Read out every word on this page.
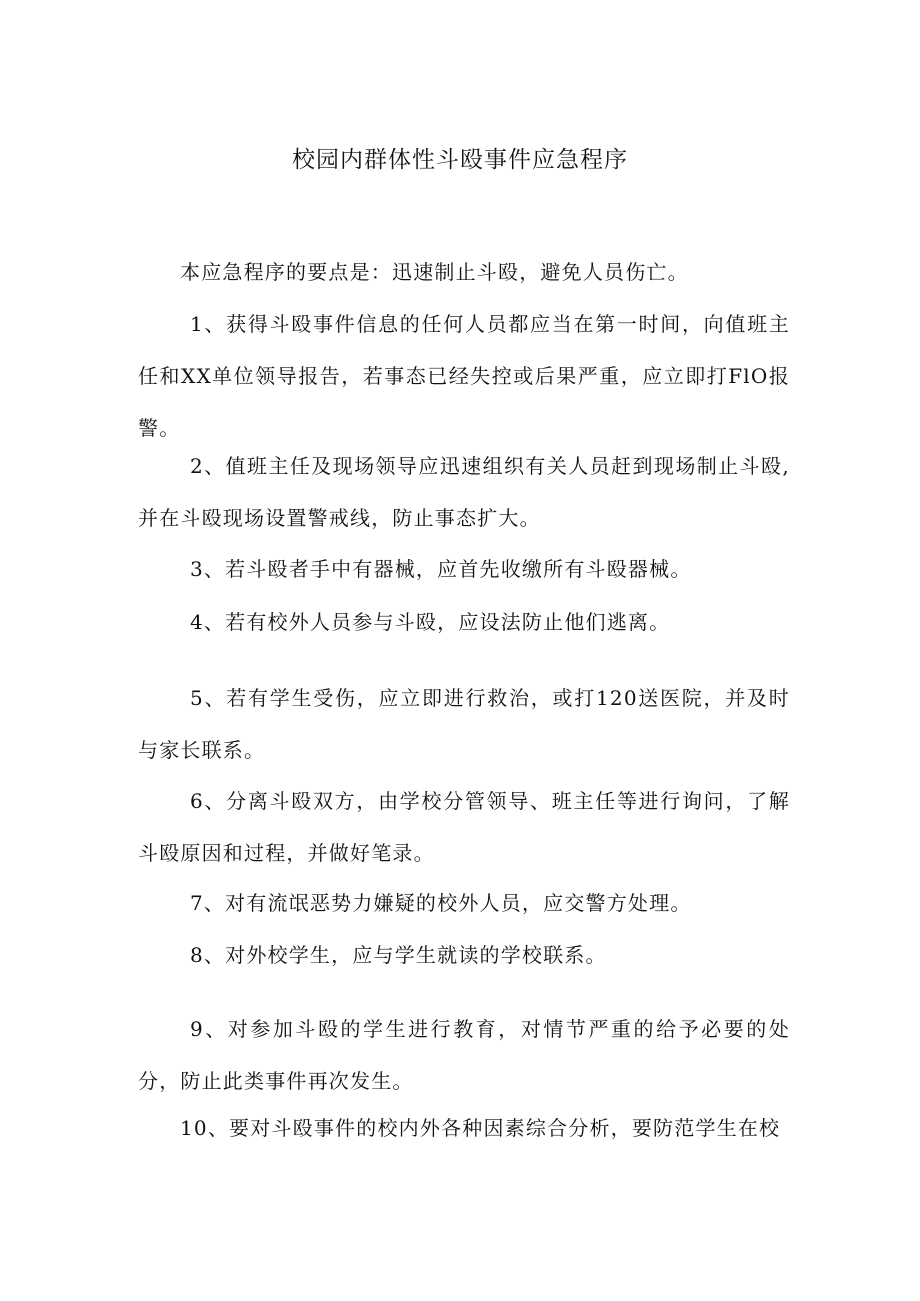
校园内群体性斗殴事件应急程序
本应急程序的要点是：迅速制止斗殴，避免人员伤亡。
1、获得斗殴事件信息的任何人员都应当在第一时间，向值班主任和XX单位领导报告，若事态已经失控或后果严重，应立即打FlO报警。
2、值班主任及现场领导应迅速组织有关人员赶到现场制止斗殴,并在斗殴现场设置警戒线，防止事态扩大。
3、若斗殴者手中有器械，应首先收缴所有斗殴器械。
4、若有校外人员参与斗殴，应设法防止他们逃离。
5、若有学生受伤，应立即进行救治，或打120送医院，并及时与家长联系。
6、分离斗殴双方，由学校分管领导、班主任等进行询问，了解斗殴原因和过程，并做好笔录。
7、对有流氓恶势力嫌疑的校外人员，应交警方处理。
8、对外校学生，应与学生就读的学校联系。
9、对参加斗殴的学生进行教育，对情节严重的给予必要的处分，防止此类事件再次发生。
10、要对斗殴事件的校内外各种因素综合分析，要防范学生在校
